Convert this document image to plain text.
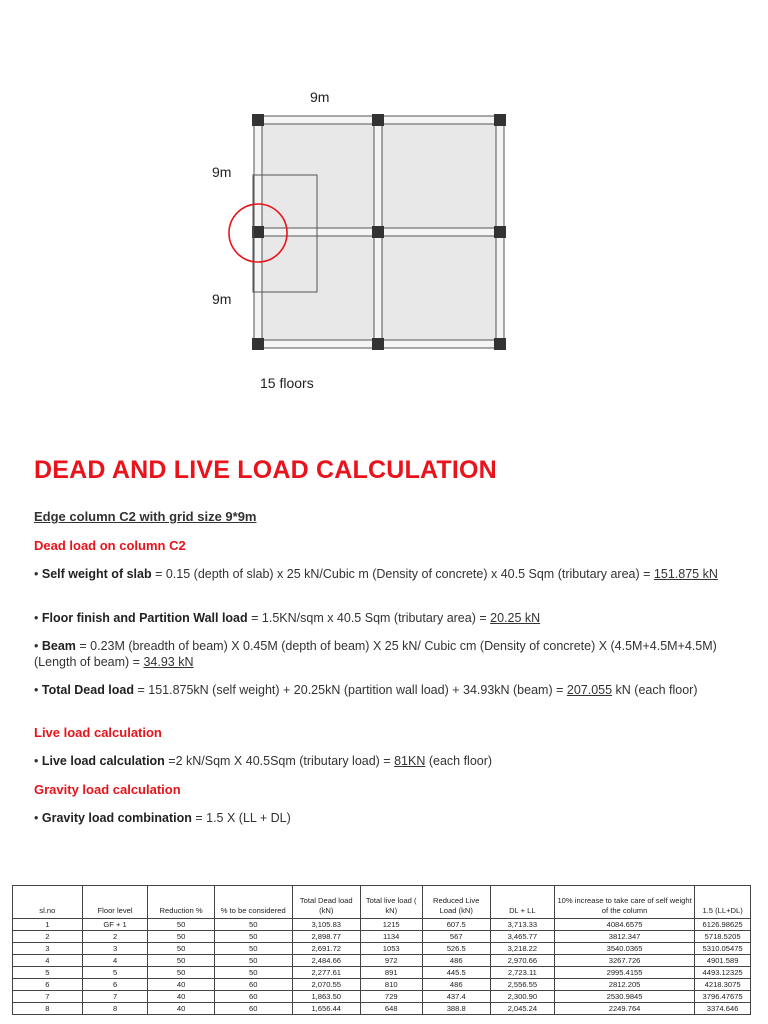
9m
9m
9m
15 floors
DEAD AND LIVE LOAD CALCULATION
Edge column C2 with grid size 9*9m
Dead load on column C2
• Self weight of slab = 0.15 (depth of slab) x 25 kN/Cubic m (Density of concrete) x 40.5 Sqm (tributary area) = 151.875 kN
• Floor finish and Partition Wall load = 1.5KN/sqm x 40.5 Sqm (tributary area) = 20.25 kN
• Beam = 0.23M (breadth of beam) X 0.45M (depth of beam) X 25 kN/ Cubic cm (Density of concrete) X (4.5M+4.5M+4.5M) (Length of beam) = 34.93 kN
• Total Dead load = 151.875kN (self weight) + 20.25kN (partition wall load) + 34.93kN (beam) = 207.055 kN (each floor)
Live load calculation
• Live load calculation =2 kN/Sqm X 40.5Sqm (tributary load) = 81KN (each floor)
Gravity load calculation
• Gravity load combination = 1.5 X (LL + DL)
sl.no	Floor level	Reduction %	% to be considered	Total Dead load (kN)	Total live load ( kN)	Reduced Live Load (kN)	DL + LL	10% increase to take care of self weight of the column	1.5 (LL+DL)
1	GF + 1	50	50	3,105.83	1215	607.5	3,713.33	4084.6575	6126.98625
2	2	50	50	2,898.77	1134	567	3,465.77	3812.347	5718.5205
3	3	50	50	2,691.72	1053	526.5	3,218.22	3540.0365	5310.05475
4	4	50	50	2,484.66	972	486	2,970.66	3267.726	4901.589
5	5	50	50	2,277.61	891	445.5	2,723.11	2995.4155	4493.12325
6	6	40	60	2,070.55	810	486	2,556.55	2812.205	4218.3075
7	7	40	60	1,863.50	729	437.4	2,300.90	2530.9845	3796.47675
8	8	40	60	1,656.44	648	388.8	2,045.24	2249.764	3374.646
